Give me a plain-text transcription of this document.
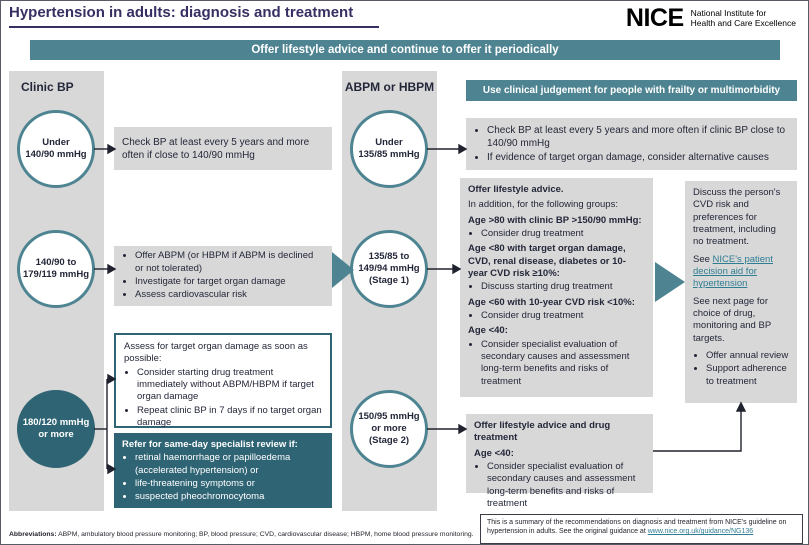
Hypertension in adults: diagnosis and treatment	NICE National Institute for
Health and Care Excellence
Offer lifestyle advice and continue to offer it periodically
Clinic BP	ABPM or HBPM
Under
140/90 mmHg
140/90 to
179/119 mmHg
180/120 mmHg
or more
Under
135/85 mmHg
135/85 to
149/94 mmHg
(Stage 1)
150/95 mmHg
or more
(Stage 2)
Check BP at least every 5 years and more often if close to 140/90 mmHg
• Offer ABPM (or HBPM if ABPM is declined or not tolerated)
• Investigate for target organ damage
• Assess cardiovascular risk
Assess for target organ damage as soon as possible:
• Consider starting drug treatment immediately without ABPM/HBPM if target organ damage
• Repeat clinic BP in 7 days if no target organ damage
Refer for same-day specialist review if:
• retinal haemorrhage or papilloedema (accelerated hypertension) or
• life-threatening symptoms or
• suspected pheochromocytoma
Use clinical judgement for people with frailty or multimorbidity
• Check BP at least every 5 years and more often if clinic BP close to 140/90 mmHg
• If evidence of target organ damage, consider alternative causes
Offer lifestyle advice.
In addition, for the following groups:
Age >80 with clinic BP >150/90 mmHg:
• Consider drug treatment
Age <80 with target organ damage, CVD, renal disease, diabetes or 10-year CVD risk ≥10%:
• Discuss starting drug treatment
Age <60 with 10-year CVD risk <10%:
• Consider drug treatment
Age <40:
• Consider specialist evaluation of secondary causes and assessment long-term benefits and risks of treatment
Offer lifestyle advice and drug treatment
Age <40:
• Consider specialist evaluation of secondary causes and assessment long-term benefits and risks of treatment

Discuss the person's CVD risk and preferences for treatment, including no treatment.

See NICE's patient decision aid for hypertension

See next page for choice of drug, monitoring and BP targets.

• Offer annual review
• Support adherence to treatment
Abbreviations: ABPM, ambulatory blood pressure monitoring; BP, blood pressure; CVD, cardiovascular disease; HBPM, home blood pressure monitoring.
This is a summary of the recommendations on diagnosis and treatment from NICE's guideline on hypertension in adults. See the original guidance at www.nice.org.uk/guidance/NG136
